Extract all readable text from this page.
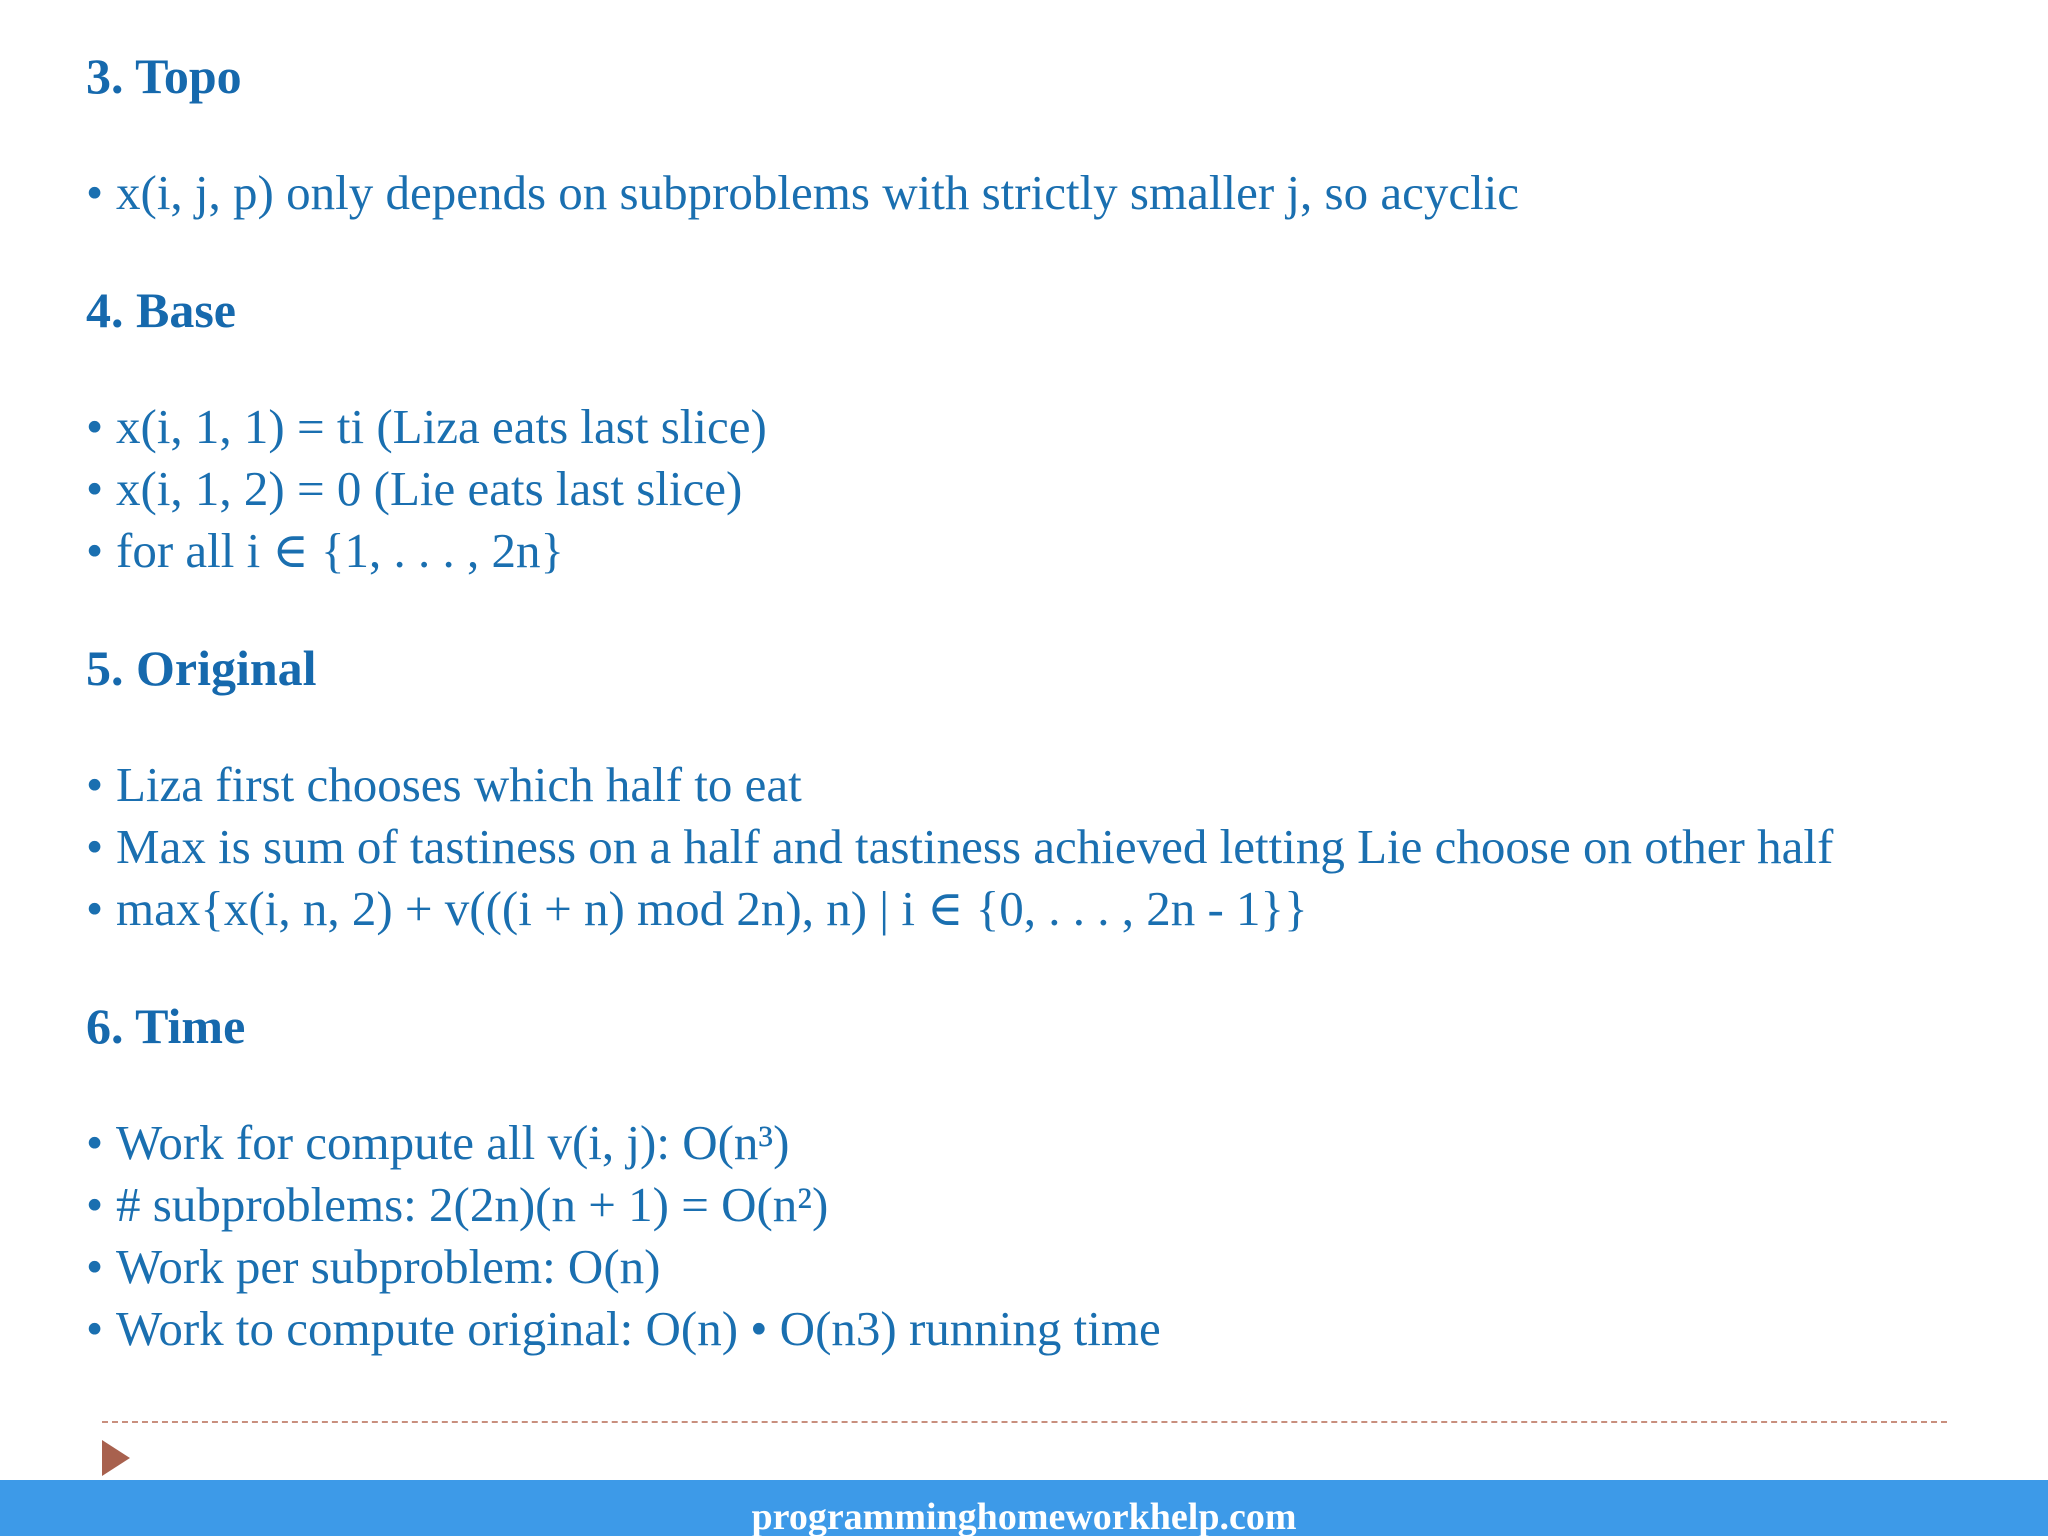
3. Topo
• x(i, j, p) only depends on subproblems with strictly smaller j, so acyclic
4. Base
• x(i, 1, 1) = ti (Liza eats last slice)
• x(i, 1, 2) = 0 (Lie eats last slice)
• for all i ∈ {1, . . . , 2n}
5. Original
• Liza first chooses which half to eat
• Max is sum of tastiness on a half and tastiness achieved letting Lie choose on other half
• max{x(i, n, 2) + v(((i + n) mod 2n), n) | i ∈ {0, . . . , 2n - 1}}
6. Time
• Work for compute all v(i, j): O(n³)
• # subproblems: 2(2n)(n + 1) = O(n²)
• Work per subproblem: O(n)
• Work to compute original: O(n) • O(n3) running time
programminghomeworkhelp.com
